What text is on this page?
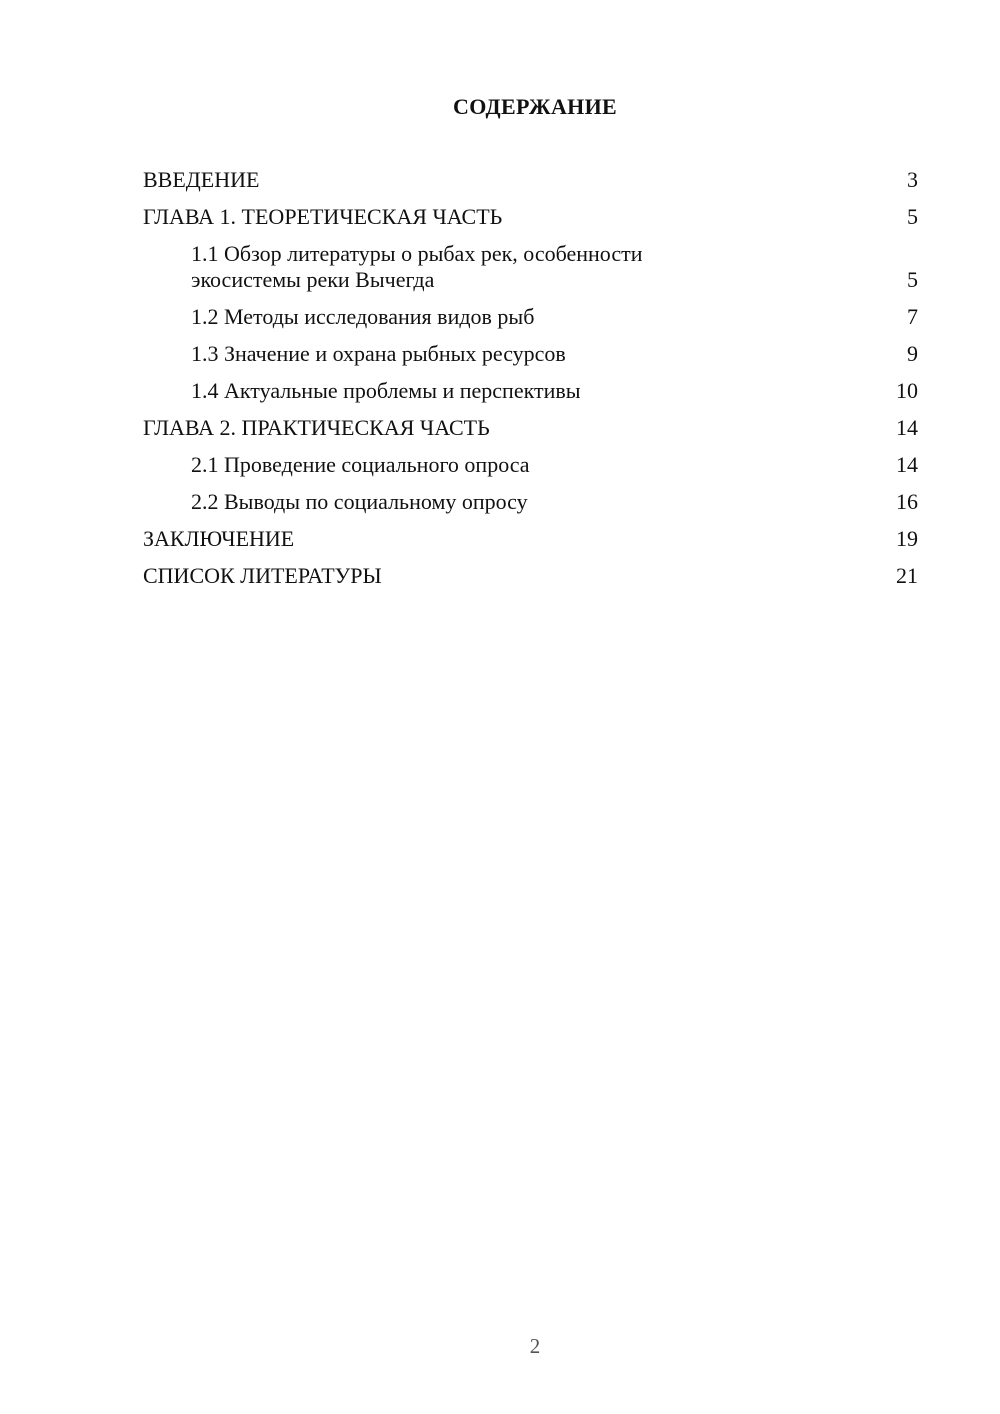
СОДЕРЖАНИЕ
ВВЕДЕНИЕ	3
ГЛАВА 1. ТЕОРЕТИЧЕСКАЯ ЧАСТЬ	5
1.1 Обзор литературы о рыбах рек, особенности экосистемы реки Вычегда	5
1.2 Методы исследования видов рыб	7
1.3 Значение и охрана рыбных ресурсов	9
1.4 Актуальные проблемы и перспективы	10
ГЛАВА 2. ПРАКТИЧЕСКАЯ ЧАСТЬ	14
2.1 Проведение социального опроса	14
2.2 Выводы по социальному опросу	16
ЗАКЛЮЧЕНИЕ	19
СПИСОК ЛИТЕРАТУРЫ	21
2
